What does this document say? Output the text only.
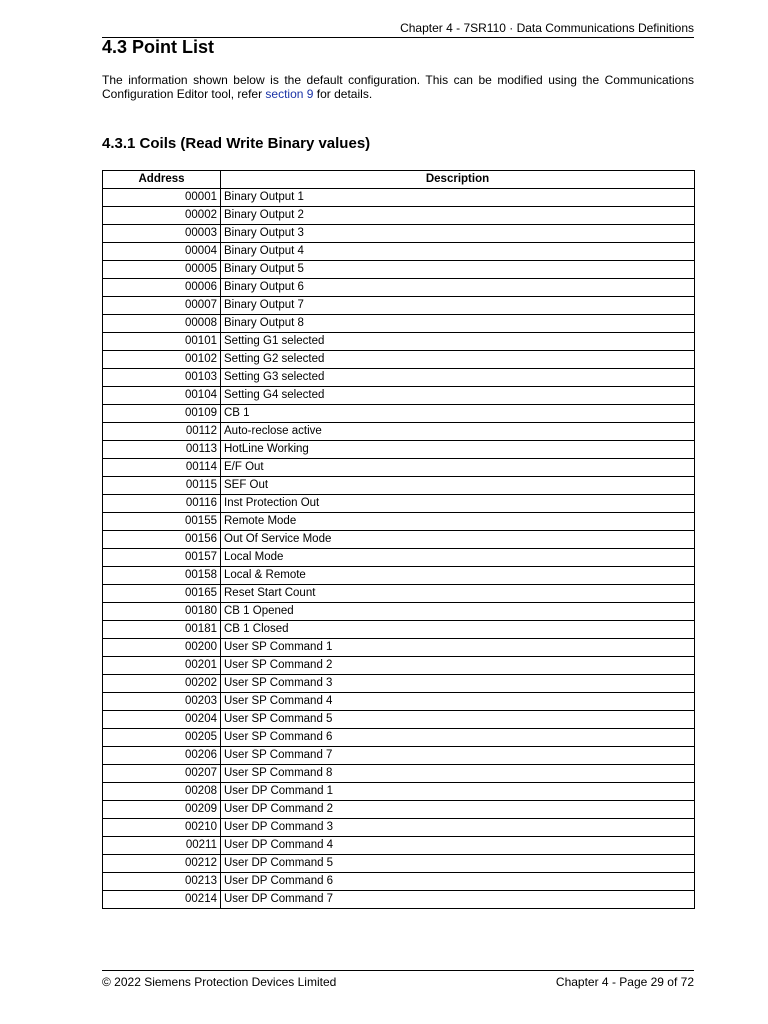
Chapter 4 - 7SR110 · Data Communications Definitions
4.3 Point List

The information shown below is the default configuration. This can be modified using the Communications Configuration Editor tool, refer section 9 for details.

4.3.1 Coils (Read Write Binary values)
Address	Description
00001	Binary Output 1
00002	Binary Output 2
00003	Binary Output 3
00004	Binary Output 4
00005	Binary Output 5
00006	Binary Output 6
00007	Binary Output 7
00008	Binary Output 8
00101	Setting G1 selected
00102	Setting G2 selected
00103	Setting G3 selected
00104	Setting G4 selected
00109	CB 1
00112	Auto-reclose active
00113	HotLine Working
00114	E/F Out
00115	SEF Out
00116	Inst Protection Out
00155	Remote Mode
00156	Out Of Service Mode
00157	Local Mode
00158	Local & Remote
00165	Reset Start Count
00180	CB 1 Opened
00181	CB 1 Closed
00200	User SP Command 1
00201	User SP Command 2
00202	User SP Command 3
00203	User SP Command 4
00204	User SP Command 5
00205	User SP Command 6
00206	User SP Command 7
00207	User SP Command 8
00208	User DP Command 1
00209	User DP Command 2
00210	User DP Command 3
00211	User DP Command 4
00212	User DP Command 5
00213	User DP Command 6
00214	User DP Command 7
© 2022 Siemens Protection Devices Limited	Chapter 4 - Page 29 of 72
